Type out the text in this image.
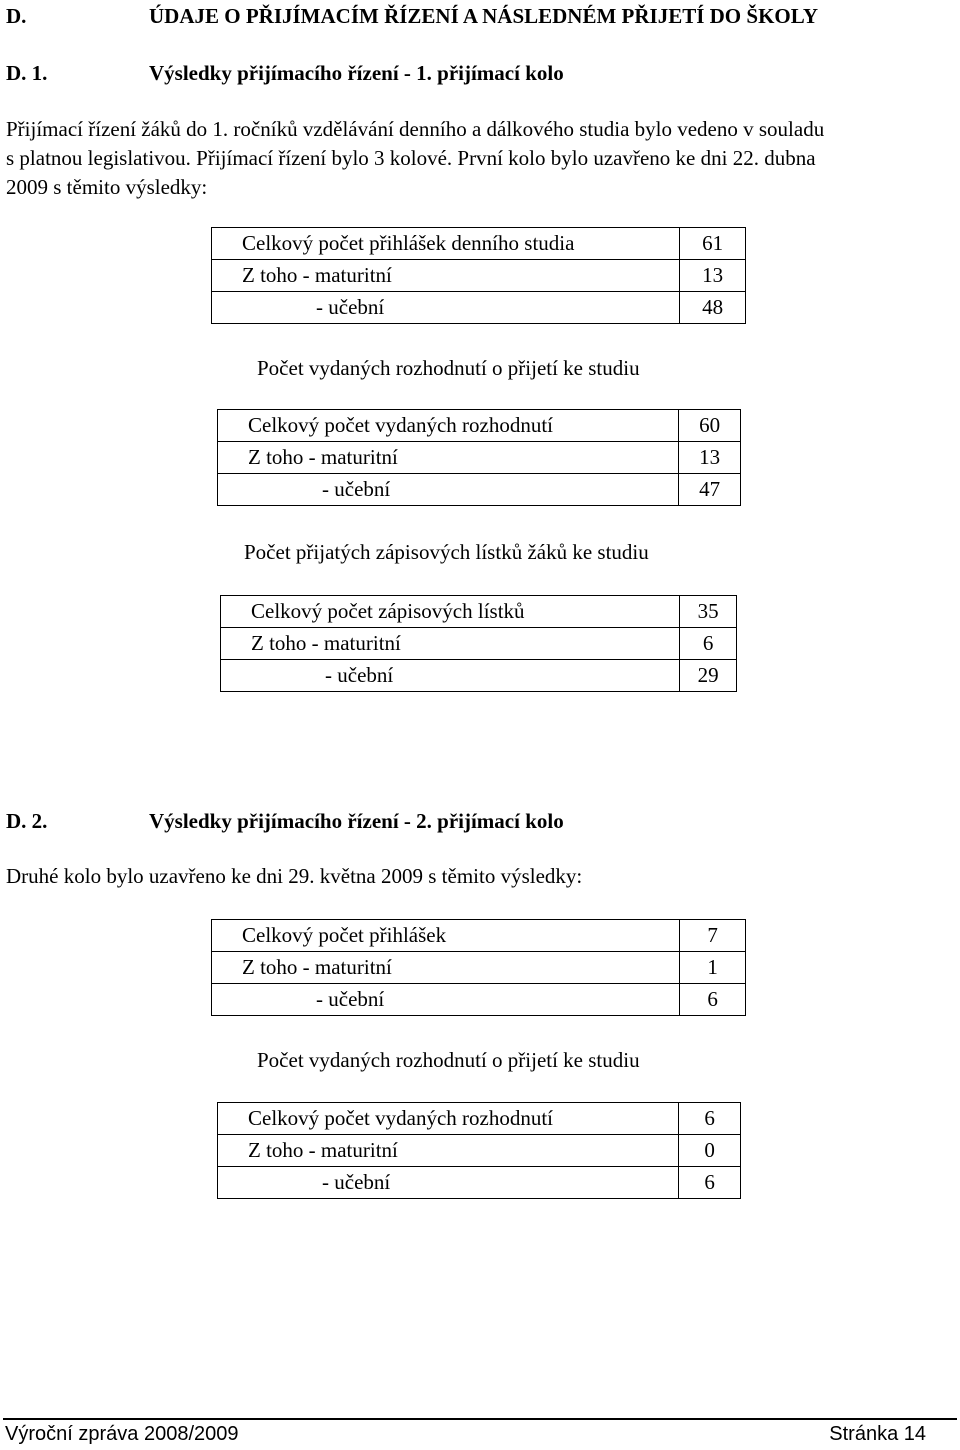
D.	ÚDAJE O PŘIJÍMACÍM ŘÍZENÍ A NÁSLEDNÉM PŘIJETÍ DO ŠKOLY
D. 1.	Výsledky přijímacího řízení - 1. přijímací kolo
Přijímací řízení žáků do 1. ročníků vzdělávání denního a dálkového studia bylo vedeno v souladu
s platnou legislativou. Přijímací řízení bylo 3 kolové. První kolo bylo uzavřeno ke dni 22. dubna
2009 s těmito výsledky:
Celkový počet přihlášek denního studia	61
Z toho - maturitní	13
- učební	48
Počet vydaných rozhodnutí o přijetí ke studiu
Celkový počet vydaných rozhodnutí	60
Z toho - maturitní	13
- učební	47
Počet přijatých zápisových lístků žáků ke studiu
Celkový počet zápisových lístků	35
Z toho - maturitní	6
- učební	29
D. 2.	Výsledky přijímacího řízení - 2. přijímací kolo
Druhé kolo bylo uzavřeno ke dni 29. května 2009 s těmito výsledky:
Celkový počet přihlášek	7
Z toho - maturitní	1
- učební	6
Počet vydaných rozhodnutí o přijetí ke studiu
Celkový počet vydaných rozhodnutí	6
Z toho - maturitní	0
- učební	6
Výroční zpráva 2008/2009	Stránka 14
